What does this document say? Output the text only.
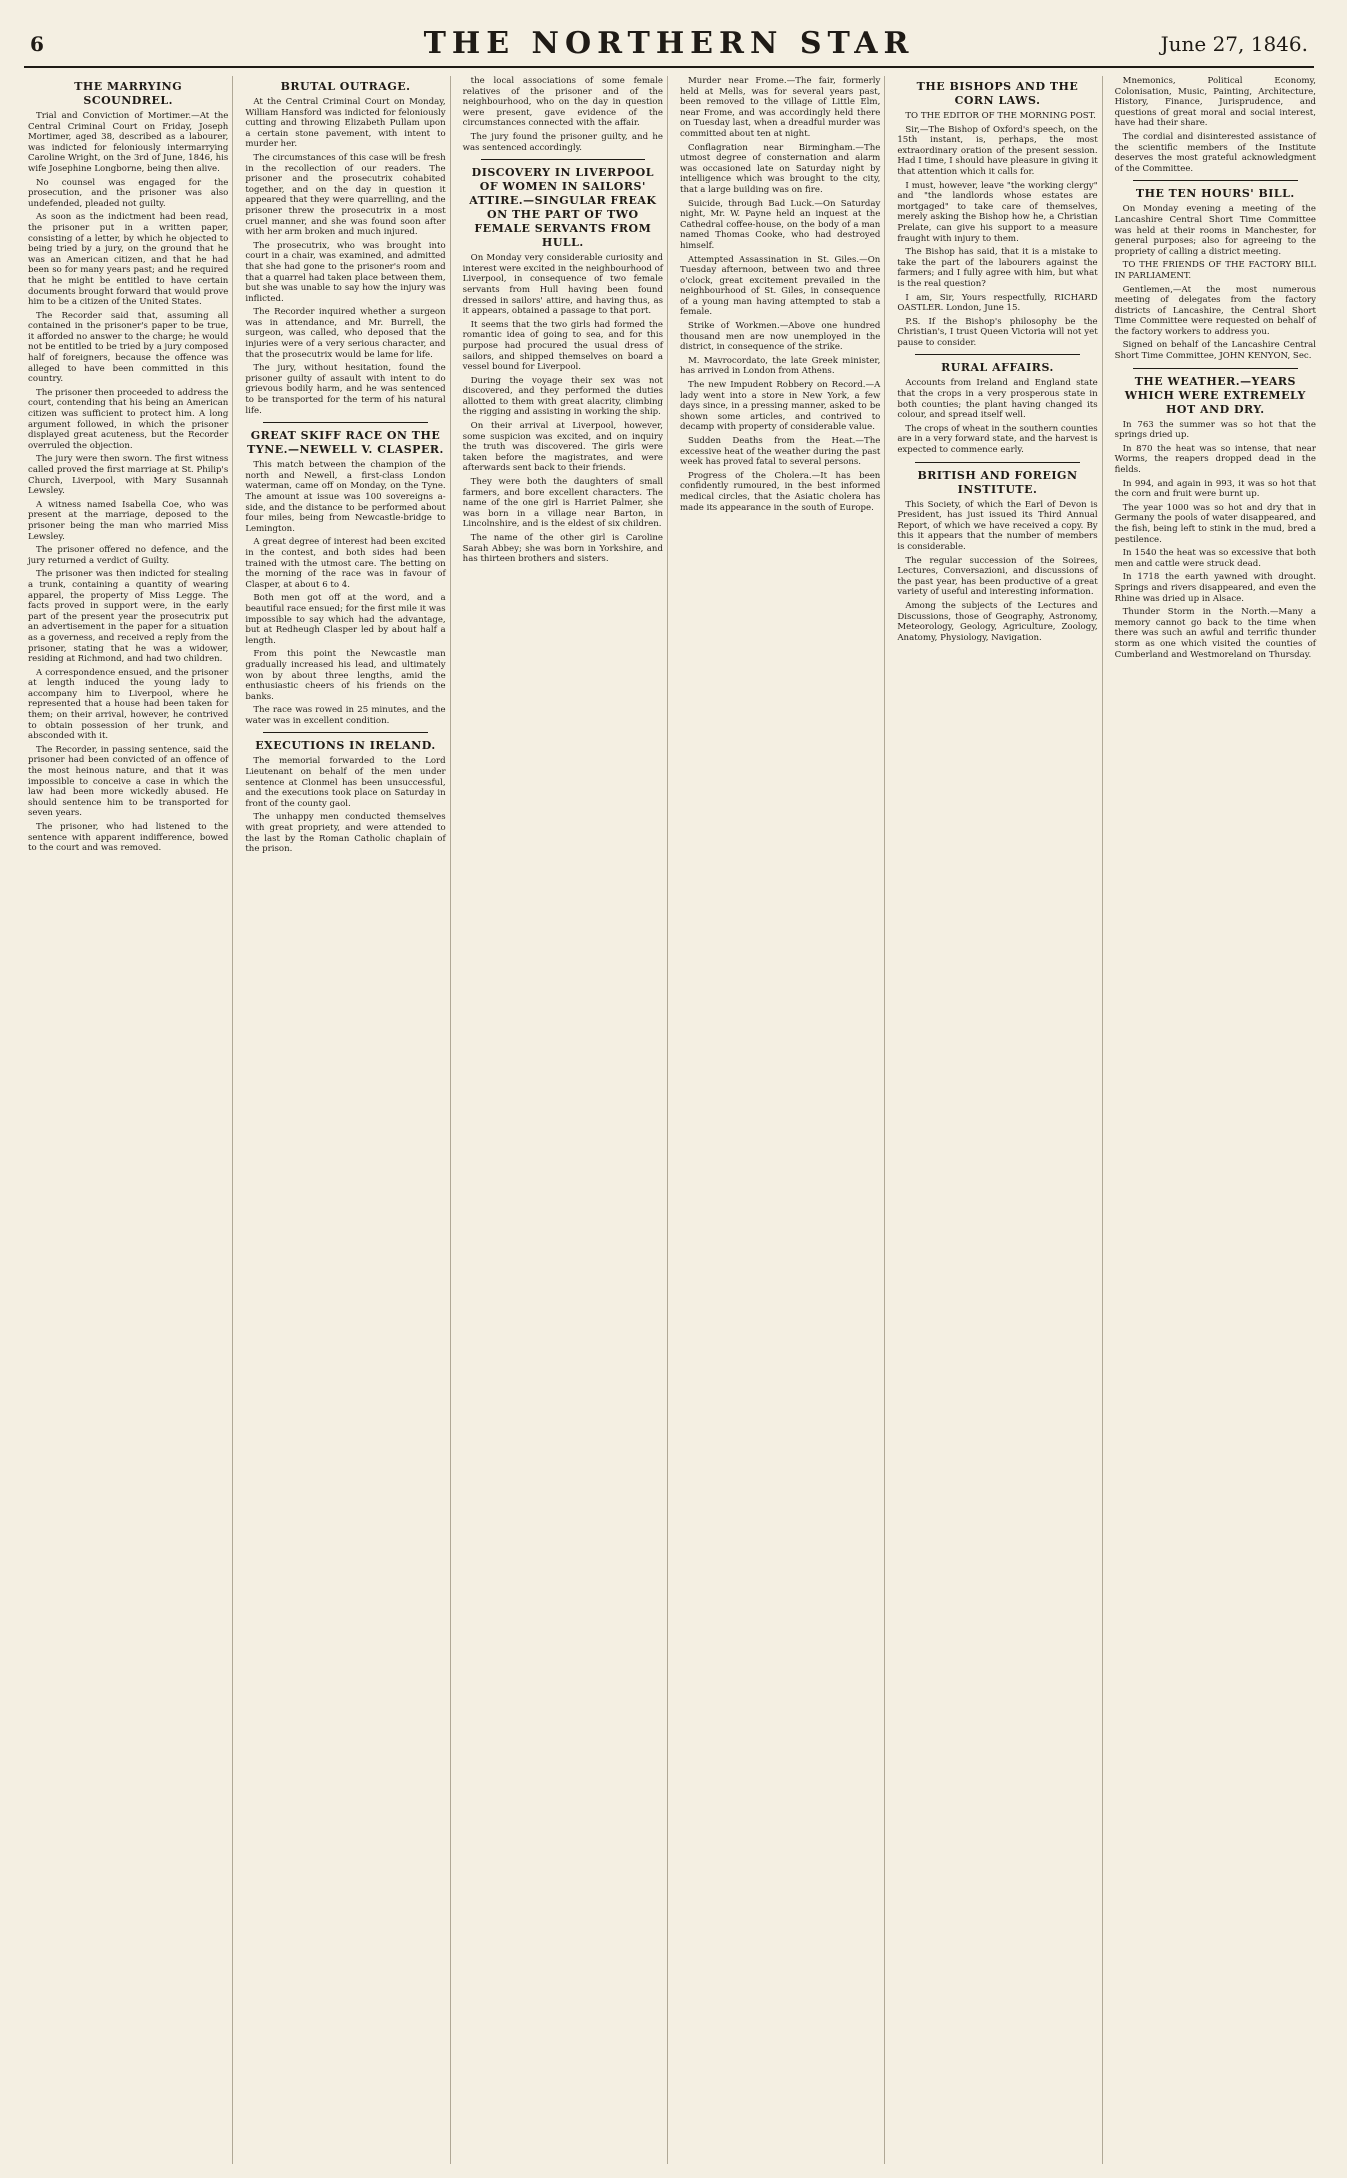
6	THE NORTHERN STAR	June 27, 1846.
THE MARRYING SCOUNDREL.

Trial and Conviction of Mortimer.—At the Central Criminal Court on Friday, Joseph Mortimer, aged 38, described as a labourer, was indicted for feloniously intermarrying Caroline Wright, on the 3rd of June, 1846, his wife Josephine Longborne, being then alive.

No counsel was engaged for the prosecution, and the prisoner was also undefended, pleaded not guilty.

As soon as the indictment had been read, the prisoner put in a written paper, consisting of a letter, by which he objected to being tried by a jury, on the ground that he was an American citizen, and that he had been so for many years past; and he required that he might be entitled to have certain documents brought forward that would prove him to be a citizen of the United States.

The Recorder said that, assuming all contained in the prisoner's paper to be true, it afforded no answer to the charge; he would not be entitled to be tried by a jury composed half of foreigners, because the offence was alleged to have been committed in this country.

The prisoner then proceeded to address the court, contending that his being an American citizen was sufficient to protect him. A long argument followed, in which the prisoner displayed great acuteness, but the Recorder overruled the objection.

The jury were then sworn. The first witness called proved the first marriage at St. Philip's Church, Liverpool, with Mary Susannah Lewsley.

A witness named Isabella Coe, who was present at the marriage, deposed to the prisoner being the man who married Miss Lewsley.

The prisoner offered no defence, and the jury returned a verdict of Guilty.

The prisoner was then indicted for stealing a trunk, containing a quantity of wearing apparel, the property of Miss Legge. The facts proved in support were, in the early part of the present year the prosecutrix put an advertisement in the paper for a situation as a governess, and received a reply from the prisoner, stating that he was a widower, residing at Richmond, and had two children.

A correspondence ensued, and the prisoner at length induced the young lady to accompany him to Liverpool, where he represented that a house had been taken for them; on their arrival, however, he contrived to obtain possession of her trunk, and absconded with it.

The Recorder, in passing sentence, said the prisoner had been convicted of an offence of the most heinous nature, and that it was impossible to conceive a case in which the law had been more wickedly abused. He should sentence him to be transported for seven years.

The prisoner, who had listened to the sentence with apparent indifference, bowed to the court and was removed.

BRUTAL OUTRAGE.

At the Central Criminal Court on Monday, William Hansford was indicted for feloniously cutting and throwing Elizabeth Pullam upon a certain stone pavement, with intent to murder her.

The circumstances of this case will be fresh in the recollection of our readers. The prisoner and the prosecutrix cohabited together, and on the day in question it appeared that they were quarrelling, and the prisoner threw the prosecutrix in a most cruel manner, and she was found soon after with her arm broken and much injured.

The prosecutrix, who was brought into court in a chair, was examined, and admitted that she had gone to the prisoner's room and that a quarrel had taken place between them, but she was unable to say how the injury was inflicted.

The Recorder inquired whether a surgeon was in attendance, and Mr. Burrell, the surgeon, was called, who deposed that the injuries were of a very serious character, and that the prosecutrix would be lame for life.

The jury, without hesitation, found the prisoner guilty of assault with intent to do grievous bodily harm, and he was sentenced to be transported for the term of his natural life.

GREAT SKIFF RACE ON THE TYNE.—NEWELL V. CLASPER.

This match between the champion of the north and Newell, a first-class London waterman, came off on Monday, on the Tyne. The amount at issue was 100 sovereigns a-side, and the distance to be performed about four miles, being from Newcastle-bridge to Lemington.

A great degree of interest had been excited in the contest, and both sides had been trained with the utmost care. The betting on the morning of the race was in favour of Clasper, at about 6 to 4.

Both men got off at the word, and a beautiful race ensued; for the first mile it was impossible to say which had the advantage, but at Redheugh Clasper led by about half a length.

From this point the Newcastle man gradually increased his lead, and ultimately won by about three lengths, amid the enthusiastic cheers of his friends on the banks.

The race was rowed in 25 minutes, and the water was in excellent condition.

EXECUTIONS IN IRELAND.

The memorial forwarded to the Lord Lieutenant on behalf of the men under sentence at Clonmel has been unsuccessful, and the executions took place on Saturday in front of the county gaol.

The unhappy men conducted themselves with great propriety, and were attended to the last by the Roman Catholic chaplain of the prison.

the local associations of some female relatives of the prisoner and of the neighbourhood, who on the day in question were present, gave evidence of the circumstances connected with the affair.

The jury found the prisoner guilty, and he was sentenced accordingly.

DISCOVERY IN LIVERPOOL OF WOMEN IN SAILORS' ATTIRE.—SINGULAR FREAK ON THE PART OF TWO FEMALE SERVANTS FROM HULL.

On Monday very considerable curiosity and interest were excited in the neighbourhood of Liverpool, in consequence of two female servants from Hull having been found dressed in sailors' attire, and having thus, as it appears, obtained a passage to that port.

It seems that the two girls had formed the romantic idea of going to sea, and for this purpose had procured the usual dress of sailors, and shipped themselves on board a vessel bound for Liverpool.

During the voyage their sex was not discovered, and they performed the duties allotted to them with great alacrity, climbing the rigging and assisting in working the ship.

On their arrival at Liverpool, however, some suspicion was excited, and on inquiry the truth was discovered. The girls were taken before the magistrates, and were afterwards sent back to their friends.

They were both the daughters of small farmers, and bore excellent characters. The name of the one girl is Harriet Palmer, she was born in a village near Barton, in Lincolnshire, and is the eldest of six children.

The name of the other girl is Caroline Sarah Abbey; she was born in Yorkshire, and has thirteen brothers and sisters.

Murder near Frome.—The fair, formerly held at Mells, was for several years past, been removed to the village of Little Elm, near Frome, and was accordingly held there on Tuesday last, when a dreadful murder was committed about ten at night.

Conflagration near Birmingham.—The utmost degree of consternation and alarm was occasioned late on Saturday night by intelligence which was brought to the city, that a large building was on fire.

Suicide, through Bad Luck.—On Saturday night, Mr. W. Payne held an inquest at the Cathedral coffee-house, on the body of a man named Thomas Cooke, who had destroyed himself.

Attempted Assassination in St. Giles.—On Tuesday afternoon, between two and three o'clock, great excitement prevailed in the neighbourhood of St. Giles, in consequence of a young man having attempted to stab a female.

Strike of Workmen.—Above one hundred thousand men are now unemployed in the district, in consequence of the strike.

M. Mavrocordato, the late Greek minister, has arrived in London from Athens.

The new Impudent Robbery on Record.—A lady went into a store in New York, a few days since, in a pressing manner, asked to be shown some articles, and contrived to decamp with property of considerable value.

Sudden Deaths from the Heat.—The excessive heat of the weather during the past week has proved fatal to several persons.

Progress of the Cholera.—It has been confidently rumoured, in the best informed medical circles, that the Asiatic cholera has made its appearance in the south of Europe.

THE BISHOPS AND THE CORN LAWS.

TO THE EDITOR OF THE MORNING POST.

Sir,—The Bishop of Oxford's speech, on the 15th instant, is, perhaps, the most extraordinary oration of the present session. Had I time, I should have pleasure in giving it that attention which it calls for.

I must, however, leave "the working clergy" and "the landlords whose estates are mortgaged" to take care of themselves, merely asking the Bishop how he, a Christian Prelate, can give his support to a measure fraught with injury to them.

The Bishop has said, that it is a mistake to take the part of the labourers against the farmers; and I fully agree with him, but what is the real question?

I am, Sir, Yours respectfully, RICHARD OASTLER. London, June 15.

P.S. If the Bishop's philosophy be the Christian's, I trust Queen Victoria will not yet pause to consider.

RURAL AFFAIRS.

Accounts from Ireland and England state that the crops in a very prosperous state in both counties; the plant having changed its colour, and spread itself well.

The crops of wheat in the southern counties are in a very forward state, and the harvest is expected to commence early.

BRITISH AND FOREIGN INSTITUTE.

This Society, of which the Earl of Devon is President, has just issued its Third Annual Report, of which we have received a copy. By this it appears that the number of members is considerable.

The regular succession of the Soirees, Lectures, Conversazioni, and discussions of the past year, has been productive of a great variety of useful and interesting information.

Among the subjects of the Lectures and Discussions, those of Geography, Astronomy, Meteorology, Geology, Agriculture, Zoology, Anatomy, Physiology, Navigation.

Mnemonics, Political Economy, Colonisation, Music, Painting, Architecture, History, Finance, Jurisprudence, and questions of great moral and social interest, have had their share.

The cordial and disinterested assistance of the scientific members of the Institute deserves the most grateful acknowledgment of the Committee.

THE TEN HOURS' BILL.

On Monday evening a meeting of the Lancashire Central Short Time Committee was held at their rooms in Manchester, for general purposes; also for agreeing to the propriety of calling a district meeting.

TO THE FRIENDS OF THE FACTORY BILL IN PARLIAMENT.

Gentlemen,—At the most numerous meeting of delegates from the factory districts of Lancashire, the Central Short Time Committee were requested on behalf of the factory workers to address you.

Signed on behalf of the Lancashire Central Short Time Committee, JOHN KENYON, Sec.

THE WEATHER.—YEARS WHICH WERE EXTREMELY HOT AND DRY.

In 763 the summer was so hot that the springs dried up.

In 870 the heat was so intense, that near Worms, the reapers dropped dead in the fields.

In 994, and again in 993, it was so hot that the corn and fruit were burnt up.

The year 1000 was so hot and dry that in Germany the pools of water disappeared, and the fish, being left to stink in the mud, bred a pestilence.

In 1540 the heat was so excessive that both men and cattle were struck dead.

In 1718 the earth yawned with drought. Springs and rivers disappeared, and even the Rhine was dried up in Alsace.

Thunder Storm in the North.—Many a memory cannot go back to the time when there was such an awful and terrific thunder storm as one which visited the counties of Cumberland and Westmoreland on Thursday.
